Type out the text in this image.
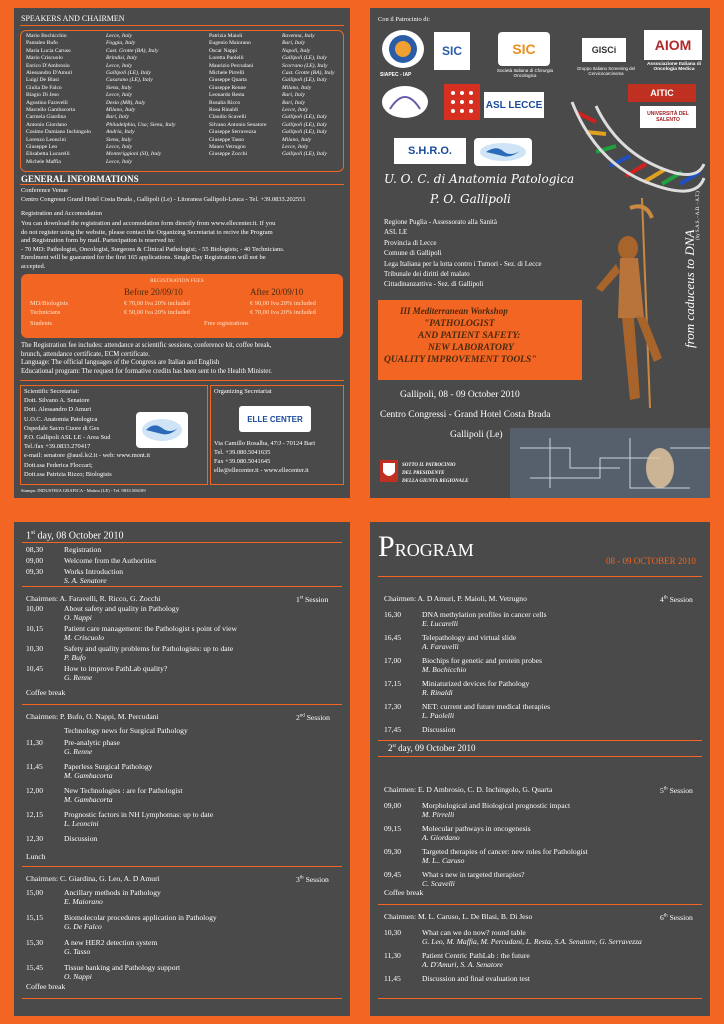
SPEAKERS AND CHAIRMEN
GENERAL INFORMATIONS
Conference Venue
Centro Congressi Grand Hotel Costa Brada , Gallipoli (Le) - Litoranea Gallipoli-Leuca - Tel. +39.0833.202551
Registration and Accomodation
REGISTRATION FEES
Before 20/09/10	After 20/09/10
Students	Free registrations
Organizing Secretariat
ELLE CENTER
Stampa: INDUSTRIA GRAFICA - Matino (LE) - Tel. 0833.506189
Mario Bochicchio	Lecce, Italy
Pantaleo Bufo	Foggia, Italy
Maria Lucia Caruso	Cast. Grotte (BA), Italy
Mario Criscuolo	Brindisi, Italy
Enrico D'Ambrosio	Lecce, Italy
Alessandro D'Amuri	Gallipoli (LE), Italy
Luigi De Blasi	Casarano (LE), Italy
Giulia De Falco	Siena, Italy
Biagio Di Jeso	Lecce, Italy
Agostino Faravelli	Desio (MB), Italy
Marcello Gambacorta	Milano, Italy
Carmela Giardina	Bari, Italy
Antonio Giordano	Philadelphia, Usa; Siena, Italy
Cosimo Damiano Inchingolo	Andria, Italy
Lorenzo Leoncini	Siena, Italy
Giuseppe Leo	Lecce, Italy
Elisabetta Lucarelli	Monteriggioni (SI), Italy
Michele Maffia	Lecce, Italy
Patrizia Maioli	Ravenna, Italy
Eugenio Maiorano	Bari, Italy
Oscar Nappi	Napoli, Italy
Loretta Paolelli	Gallipoli (LE), Italy
Maurizio Percudani	Scorrano (LE), Italy
Michele Pirrelli	Cast. Grotte (BA), Italy
Giuseppe Quarta	Gallipoli (LE), Italy
Giuseppe Renne	Milano, Italy
Leonardo Resta	Bari, Italy
Rosalia Ricco	Bari, Italy
Rosa Rinaldi	Lecce, Italy
Claudio Scavelli	Gallipoli (LE), Italy
Silvano Antonio Senatore	Gallipoli (LE), Italy
Giuseppe Serravezza	Gallipoli (LE), Italy
Giuseppe Tasso	Milano, Italy
Mauro Vetrugno	Lecce, Italy
Giuseppe Zocchi	Gallipoli (LE), Italy
You can download the registration and accomodation form directly from www.ellecenter.it. If you
do not register using the website, please contact the Organizing Secretariat to recive the Program
and Registration form by mail. Partecipation is reserved to:
- 70 MD: Pathologist, Oncologist, Surgeons & Clinical Pathologist; - 55 Biologists; - 40 Technicians.
Enrolment will be guaranted for the first 165 applications. Single Day Registration will not be
accepted.
MD/Biologists	€ 70,00 Iva 20% included	€ 90,00 Iva 20% included
Technicians	€ 50,00 Iva 20% included	€ 70,00 Iva 20% included
The Registration fee includes: attendance at scientific sessions, conference kit, coffee break,
brunch, attendance certificate, ECM certificate.
Language: The official languages of the Congress are Italian and English
Educational program: The request for formative credits has been sent to the Health Minister.
Scientific Secretariat:
Dott. Silvano A. Senatore
Dott. Alessandro D Amuri
U.O.C. Anatomia Patologica
Ospedale Sacro Cuore di Ges
P.O. Gallipoli ASL LE - Area Sud
Tel./fax +39.0833.270417
e-mail: senatore @ausl.le2.it - web: www.mont.it
Dott.ssa Federica Floccari;
Dott.ssa Patrizia Rizzo; Biologists
Via Camillo Rosalba, 47/J - 70124 Bari
Tel. +39.080.5041635
Fax +39.080.5041645
elle@ellecenter.it - www.ellecenter.it
Con il Patrocinio di:
SIAPEC - IAP
SIC	SIC
Società Italiana di Chirurgia Oncologica
GISCi
Gruppo Italiano Screening del Cervicocarcinoma
AIOM
Associazione Italiana di Oncologia Medica
ASL LECCE
AITIC
UNIVERSITÀ DEL SALENTO
S.H.R.O.
U. O. C. di Anatomia Patologica
P. O. Gallipoli
from caduceus to DNA
(by S.A.S. - A.D. - A.T.)
III Mediterranean Workshop
"PATHOLOGIST
AND PATIENT SAFETY:
NEW LABORATORY
QUALITY IMPROVEMENT TOOLS"
Gallipoli, 08 - 09 October 2010
Centro Congressi - Grand Hotel Costa Brada
Gallipoli (Le)
SOTTO IL PATROCINIO
DEL PRESIDENTE
DELLA GIUNTA REGIONALE
Regione Puglia - Assessorato alla Sanità
ASL LE
Provincia di Lecce
Comune di Gallipoli
Lega Italiana per la lotta contro i Tumori - Sez. di Lecce
Tribunale dei diritti del malato
Cittadinanzattiva - Sez. di Gallipoli
1st day, 08 October 2010
08,30	Registration
09,00	Welcome from the Authorities
09,30	Works Introduction
S. A. Senatore
Chairmen: A. Faravelli, R. Ricco, G. Zocchi	1st Session
10,00	About safety and quality in Pathology
O. Nappi
10,15	Patient care management: the Pathologist s point of view
M. Criscuolo
10,30	Safety and quality problems for Pathologists: up to date
P. Bufo
10,45	How to improve PathLab quality?
G. Renne
Coffee break
Chairmen: P. Bufo, O. Nappi, M. Percudani	2nd Session
Technology news for Surgical Pathology
11,30	Pre-analytic phase
G. Renne
11,45	Paperless Surgical Pathology
M. Gambacorta
12,00	New Technologies : are for Pathologist
M. Gambacorta
12,15	Prognostic factors in NH Lymphomas: up to date
L. Leoncini
12,30	Discussion
Lunch
Chairmen: C. Giardina, G. Leo, A. D Amuri	3th Session
15,00	Ancillary methods in Pathology
E. Maiorano
15,15	Biomolecolar procedures application in Pathology
G. De Falco
15,30	A new HER2 detection system
G. Tasso
15,45	Tissue banking and Pathology support
O. Nappi
Coffee break
PROGRAM
08 - 09 OCTOBER 2010
Chairmen: A. D Amuri, P. Maioli, M. Vetrugno	4th Session
16,30	DNA methylation profiles in cancer cells
E. Lucarelli
16,45	Telepathology and virtual slide
A. Faravelli
17,00	Biochips for genetic and protein probes
M. Bochicchio
17,15	Miniaturized devices for Pathology
R. Rinaldi
17,30	NET: current and future medical therapies
L. Paolelli
17,45	Discussion
2st day, 09 October 2010
Chairmen: E. D Ambrosio, C. D. Inchingolo, G. Quarta	5th Session
09,00	Morphological and Biological prognostic impact
M. Pirrelli
09,15	Molecular pathways in oncogenesis
A. Giordano
09,30	Targeted therapies of cancer: new roles for Pathologist
M. L.. Caruso
09,45	What s new in targeted therapies?
C. Scavelli
Coffee break
Chairmen: M. L. Caruso, L. De Blasi, B. Di Jeso	6th Session
10,30	What can we do now? round table
G. Leo, M. Maffia, M. Percudani, L. Resta, S.A. Senatore, G. Serravezza
11,30	Patient Centric PathLab : the future
A. D'Amuri, S. A. Senatore
11,45	Discussion and final evaluation test
